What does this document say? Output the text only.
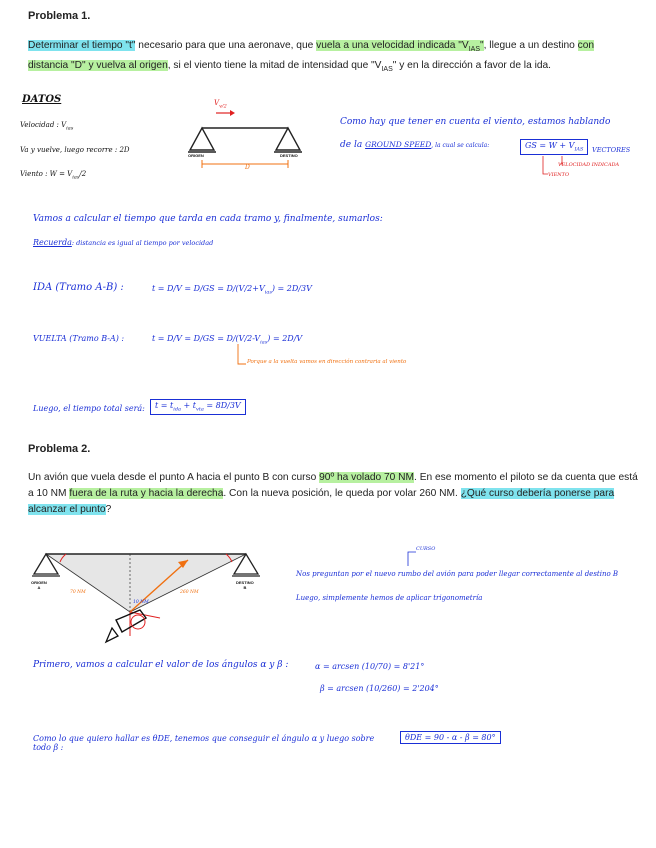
Problema 1.
Determinar el tiempo "t" necesario para que una aeronave, que vuela a una velocidad indicada "$V_{IAS}$", llegue a un destino con distancia "D" y vuelva al origen, si el viento tiene la mitad de intensidad que "$V_{IAS}$" y en la dirección a favor de la ida.
DATOS
Velocidad : $V_{ias}$
Va y vuelve, luego recorre : 2D
Viento : $W = V_{ias}/2$
$V_{v/2}$
ORIGEN	DESTINO
D
Como hay que tener en cuenta el viento, estamos hablando
de la GROUND SPEED, la cual se calcula:	GS = $W + V_{IAS}$	VECTORES
VELOCIDAD INDICADA
VIENTO
Vamos a calcular el tiempo que tarda en cada tramo y, finalmente, sumarlos:
Recuerda: distancia es igual al tiempo por velocidad
IDA (Tramo A-B) :	$t = D/V = D/GS = D/(V/2+V_{ias}) = 2D/3V$
VUELTA (Tramo B-A) :	$t = D/V = D/GS = D/(V/2-V_{ias}) = 2D/V$
Porque a la vuelta vamos en dirección contraria al viento
Luego, el tiempo total será:	$t = t_{ida} + t_{vta} = 8D/3V$
Problema 2.
Un avión que vuela desde el punto A hacia el punto B con curso 90º ha volado 70 NM. En ese momento el piloto se da cuenta que está a 10 NM fuera de la ruta y hacia la derecha. Con la nueva posición, le queda por volar 260 NM. ¿Qué curso debería ponerse para alcanzar el punto?
ORIGEN
A
DESTINO
B
70 NM	260 NM
10 NM
CURSO
Nos preguntan por el nuevo rumbo del avión para poder llegar correctamente al destino B
Luego, simplemente hemos de aplicar trigonometría
Primero, vamos a calcular el valor de los ángulos α y β :	α = arcsen (10/70) = 8'21°
β = arcsen (10/260) = 2'204°
Como lo que quiero hallar es θDE, tenemos que conseguir el ángulo α y luego sobre todo β :
θDE = 90 - α - β = 80°
